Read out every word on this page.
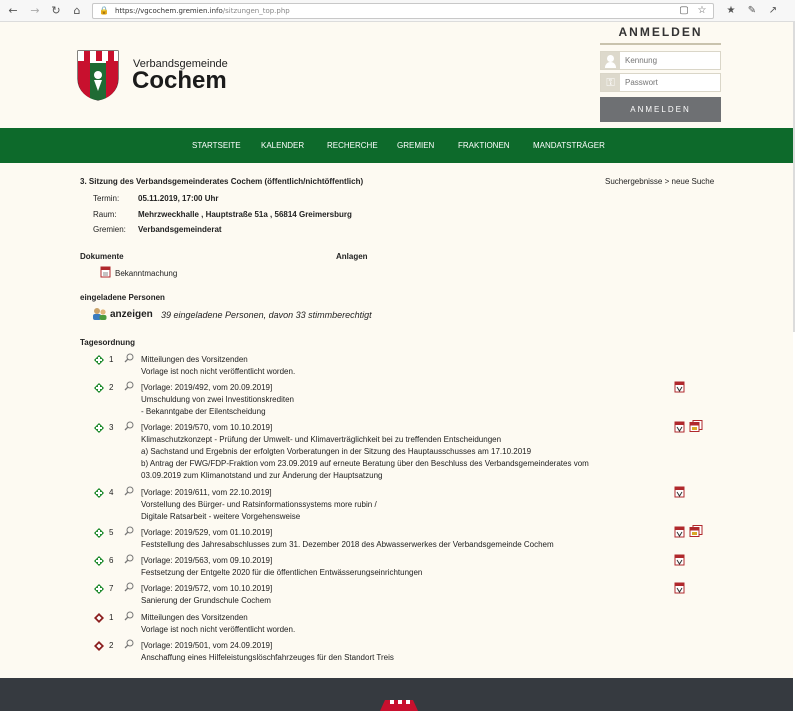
←	→	↻	⌂	🔒 https://vgcochem.gremien.info/sitzungen_top.php	▢ ☆ ★ ✎ ↗
Verbandsgemeinde
Cochem
ANMELDEN
Kennung
⚿
ANMELDEN
STARTSEITE	KALENDER	RECHERCHE GREMIEN	FRAKTIONEN	MANDATSTRÄGER
3. Sitzung des Verbandsgemeinderates Cochem (öffentlich/nichtöffentlich)	Suchergebnisse > neue Suche
Termin: 05.11.2019, 17:00 Uhr
Raum:	Mehrzweckhalle , Hauptstraße 51a , 56814 Greimersburg
Gremien: Verbandsgemeinderat
Dokumente	Anlagen
Bekanntmachung
eingeladene Personen
anzeigen 39 eingeladene Personen, davon 33 stimmberechtigt
Tagesordnung
1	Mitteilungen des Vorsitzenden
Vorlage ist noch nicht veröffentlicht worden.
2	[Vorlage: 2019/492, vom 20.09.2019]
Umschuldung von zwei Investitionskrediten
- Bekanntgabe der Eilentscheidung
3	[Vorlage: 2019/570, vom 10.10.2019]
Klimaschutzkonzept - Prüfung der Umwelt- und Klimaverträglichkeit bei zu treffenden Entscheidungen
a) Sachstand und Ergebnis der erfolgten Vorberatungen in der Sitzung des Hauptausschusses am 17.10.2019
b) Antrag der FWG/FDP-Fraktion vom 23.09.2019 auf erneute Beratung über den Beschluss des Verbandsgemeinderates vom
03.09.2019 zum Klimanotstand und zur Änderung der Hauptsatzung
4	[Vorlage: 2019/611, vom 22.10.2019]
Vorstellung des Bürger- und Ratsinformationssystems more rubin /
Digitale Ratsarbeit - weitere Vorgehensweise
5	[Vorlage: 2019/529, vom 01.10.2019]
Feststellung des Jahresabschlusses zum 31. Dezember 2018 des Abwasserwerkes der Verbandsgemeinde Cochem
6	[Vorlage: 2019/563, vom 09.10.2019]
Festsetzung der Entgelte 2020 für die öffentlichen Entwässerungseinrichtungen
7	[Vorlage: 2019/572, vom 10.10.2019]
Sanierung der Grundschule Cochem
1	Mitteilungen des Vorsitzenden
Vorlage ist noch nicht veröffentlicht worden.
2	[Vorlage: 2019/501, vom 24.09.2019]
Anschaffung eines Hilfeleistungslöschfahrzeuges für den Standort Treis
